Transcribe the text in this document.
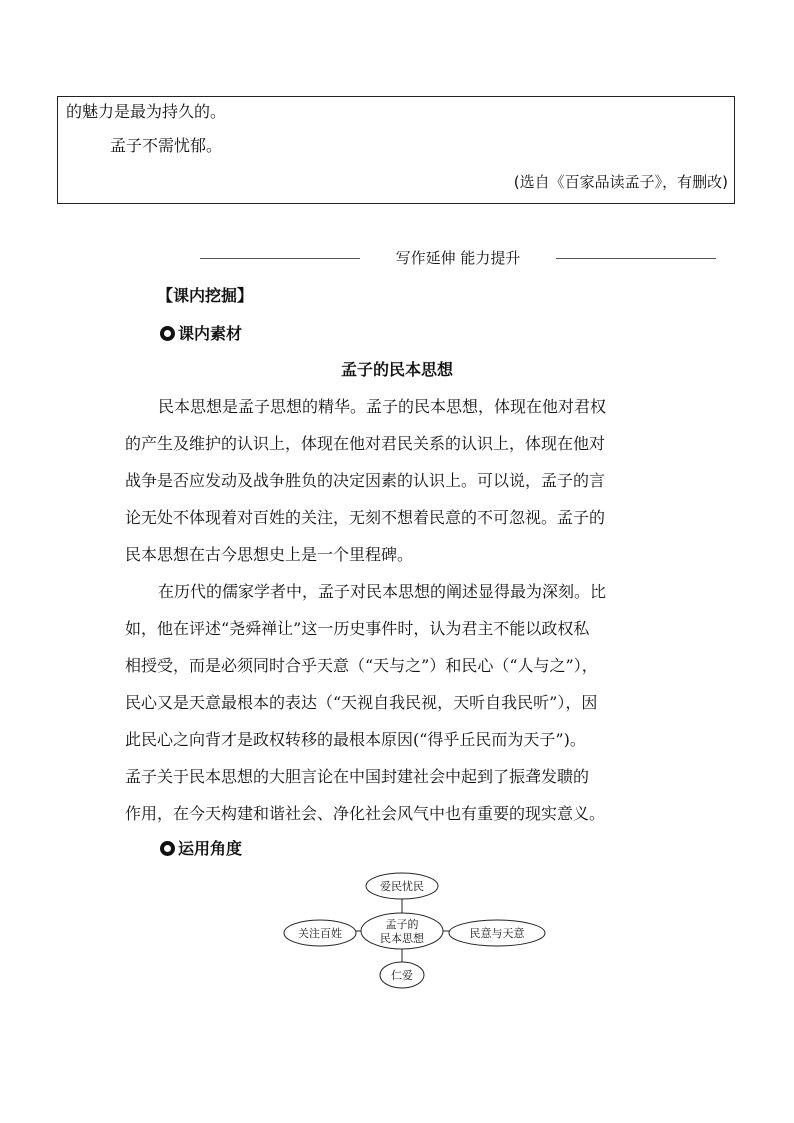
的魅力是最为持久的。
孟子不需忧郁。
(选自《百家品读孟子》，有删改)
写作延伸 能力提升
【课内挖掘】
课内素材
孟子的民本思想
民本思想是孟子思想的精华。孟子的民本思想，体现在他对君权
的产生及维护的认识上，体现在他对君民关系的认识上，体现在他对
战争是否应发动及战争胜负的决定因素的认识上。可以说，孟子的言
论无处不体现着对百姓的关注，无刻不想着民意的不可忽视。孟子的
民本思想在古今思想史上是一个里程碑。
在历代的儒家学者中，孟子对民本思想的阐述显得最为深刻。比
如，他在评述“尧舜禅让”这一历史事件时，认为君主不能以政权私
相授受，而是必须同时合乎天意（“天与之”）和民心（“人与之”），
民心又是天意最根本的表达（“天视自我民视，天听自我民听”），因
此民心之向背才是政权转移的最根本原因(“得乎丘民而为天子”)。
孟子关于民本思想的大胆言论在中国封建社会中起到了振聋发聩的
作用，在今天构建和谐社会、净化社会风气中也有重要的现实意义。
运用角度
孟子的
民本思想
爱民忧民
关注百姓	民意与天意
仁爱
